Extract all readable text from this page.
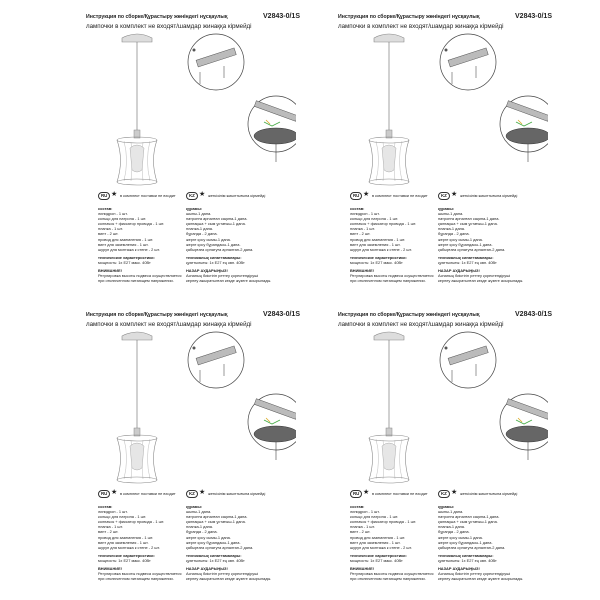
Инструкция по сборке/Құрастыру жөніндегі нұсқаулық	V2843-0/1S
лампочки в комплект не входят/шамдар жинаққа кірмейді
RU ★ в комплект поставки не входит	KZ ★ жеткізілім жиынтығына кірмейді
состав:
липидроп - 1 шт.
кольцо для патрона - 1 шт.
колпачок + фиксатор провода - 1 шт.
планка - 1 шт.
винт - 2 шт.
провод для заземления - 1 шт.
винт для заземления - 1 шт.
шуруп для монтажа к стене - 2 шт.
технические характеристики:
мощность: 1x E27 макс. 40Вт
ВНИМАНИЕ!
Регулировка высоты подвеса осуществляется
при отключенном питающем напряжении.
құрамы:
шыны-1 дана.
патронға арналған сақина-1 дана.
қалпақша + сым ұстағыш-1 дана.
планка-1 дана.
бұранда - 2 дана.
жерге қосу сымы-1 дана.
жерге қосу бұрандасы-1 дана.
қабырғаға орнатуға арналған-2 дана.
техникалық сипаттамалары:
қуаттылығы: 1x E27 ең көп. 40Вт
НАЗАР АУДАРЫҢЫЗ!
Аспаның биіктігін реттеу қоректендіруші
кернеу ажыратылған кезде жүзеге асырылады.
Инструкция по сборке/Құрастыру жөніндегі нұсқаулық	V2843-0/1S
лампочки в комплект не входят/шамдар жинаққа кірмейді
RU ★ в комплект поставки не входит	KZ ★ жеткізілім жиынтығына кірмейді
состав:
липидроп - 1 шт.
кольцо для патрона - 1 шт.
колпачок + фиксатор провода - 1 шт.
планка - 1 шт.
винт - 2 шт.
провод для заземления - 1 шт.
винт для заземления - 1 шт.
шуруп для монтажа к стене - 2 шт.
технические характеристики:
мощность: 1x E27 макс. 40Вт
ВНИМАНИЕ!
Регулировка высоты подвеса осуществляется
при отключенном питающем напряжении.
құрамы:
шыны-1 дана.
патронға арналған сақина-1 дана.
қалпақша + сым ұстағыш-1 дана.
планка-1 дана.
бұранда - 2 дана.
жерге қосу сымы-1 дана.
жерге қосу бұрандасы-1 дана.
қабырғаға орнатуға арналған-2 дана.
техникалық сипаттамалары:
қуаттылығы: 1x E27 ең көп. 40Вт
НАЗАР АУДАРЫҢЫЗ!
Аспаның биіктігін реттеу қоректендіруші
кернеу ажыратылған кезде жүзеге асырылады.
Инструкция по сборке/Құрастыру жөніндегі нұсқаулық	V2843-0/1S
лампочки в комплект не входят/шамдар жинаққа кірмейді
RU ★ в комплект поставки не входит	KZ ★ жеткізілім жиынтығына кірмейді
состав:
липидроп - 1 шт.
кольцо для патрона - 1 шт.
колпачок + фиксатор провода - 1 шт.
планка - 1 шт.
винт - 2 шт.
провод для заземления - 1 шт.
винт для заземления - 1 шт.
шуруп для монтажа к стене - 2 шт.
технические характеристики:
мощность: 1x E27 макс. 40Вт
ВНИМАНИЕ!
Регулировка высоты подвеса осуществляется
при отключенном питающем напряжении.
құрамы:
шыны-1 дана.
патронға арналған сақина-1 дана.
қалпақша + сым ұстағыш-1 дана.
планка-1 дана.
бұранда - 2 дана.
жерге қосу сымы-1 дана.
жерге қосу бұрандасы-1 дана.
қабырғаға орнатуға арналған-2 дана.
техникалық сипаттамалары:
қуаттылығы: 1x E27 ең көп. 40Вт
НАЗАР АУДАРЫҢЫЗ!
Аспаның биіктігін реттеу қоректендіруші
кернеу ажыратылған кезде жүзеге асырылады.
Инструкция по сборке/Құрастыру жөніндегі нұсқаулық	V2843-0/1S
лампочки в комплект не входят/шамдар жинаққа кірмейді
RU ★ в комплект поставки не входит	KZ ★ жеткізілім жиынтығына кірмейді
состав:
липидроп - 1 шт.
кольцо для патрона - 1 шт.
колпачок + фиксатор провода - 1 шт.
планка - 1 шт.
винт - 2 шт.
провод для заземления - 1 шт.
винт для заземления - 1 шт.
шуруп для монтажа к стене - 2 шт.
технические характеристики:
мощность: 1x E27 макс. 40Вт
ВНИМАНИЕ!
Регулировка высоты подвеса осуществляется
при отключенном питающем напряжении.
құрамы:
шыны-1 дана.
патронға арналған сақина-1 дана.
қалпақша + сым ұстағыш-1 дана.
планка-1 дана.
бұранда - 2 дана.
жерге қосу сымы-1 дана.
жерге қосу бұрандасы-1 дана.
қабырғаға орнатуға арналған-2 дана.
техникалық сипаттамалары:
қуаттылығы: 1x E27 ең көп. 40Вт
НАЗАР АУДАРЫҢЫЗ!
Аспаның биіктігін реттеу қоректендіруші
кернеу ажыратылған кезде жүзеге асырылады.
